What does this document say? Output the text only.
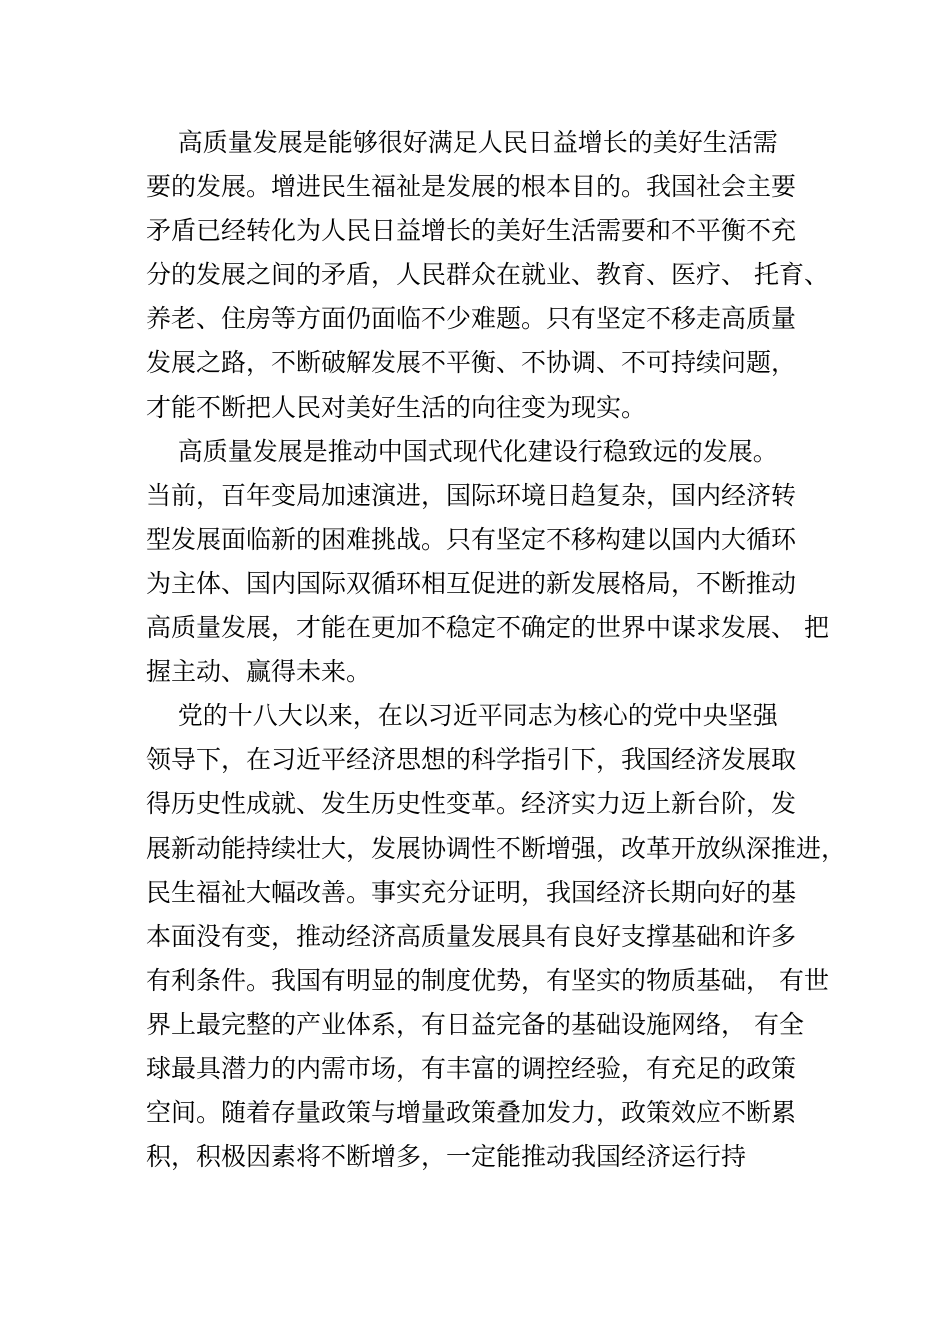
高质量发展是能够很好满足人民日益增长的美好生活需
要的发展。增进民生福祉是发展的根本目的。我国社会主要
矛盾已经转化为人民日益增长的美好生活需要和不平衡不充
分的发展之间的矛盾，人民群众在就业、教育、医疗、 托育、
养老、住房等方面仍面临不少难题。只有坚定不移走高质量
发展之路，不断破解发展不平衡、不协调、不可持续问题，
才能不断把人民对美好生活的向往变为现实。
高质量发展是推动中国式现代化建设行稳致远的发展。
当前，百年变局加速演进，国际环境日趋复杂，国内经济转
型发展面临新的困难挑战。只有坚定不移构建以国内大循环
为主体、国内国际双循环相互促进的新发展格局，不断推动
高质量发展，才能在更加不稳定不确定的世界中谋求发展、 把
握主动、赢得未来。
党的十八大以来，在以习近平同志为核心的党中央坚强
领导下，在习近平经济思想的科学指引下，我国经济发展取
得历史性成就、发生历史性变革。经济实力迈上新台阶，发
展新动能持续壮大，发展协调性不断增强，改革开放纵深推进，
民生福祉大幅改善。事实充分证明，我国经济长期向好的基
本面没有变，推动经济高质量发展具有良好支撑基础和许多
有利条件。我国有明显的制度优势，有坚实的物质基础， 有世
界上最完整的产业体系，有日益完备的基础设施网络， 有全
球最具潜力的内需市场，有丰富的调控经验，有充足的政策
空间。随着存量政策与增量政策叠加发力，政策效应不断累
积，积极因素将不断增多，一定能推动我国经济运行持
